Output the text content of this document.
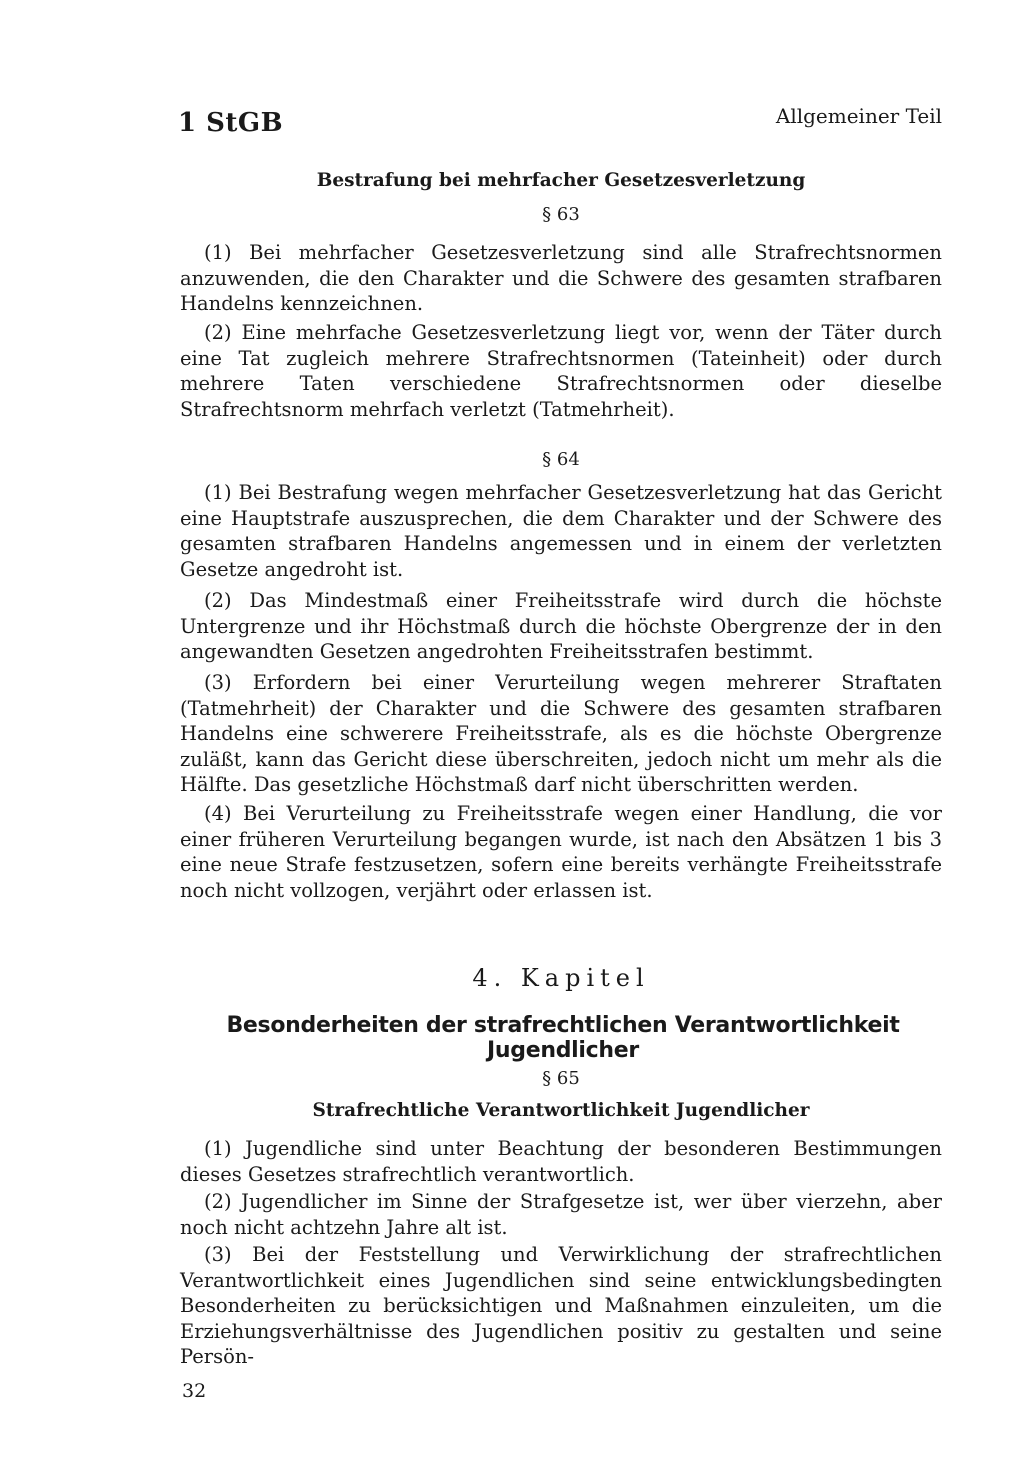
1 StGB	Allgemeiner Teil
Bestrafung bei mehrfacher Gesetzesverletzung
§ 63

(1) Bei mehrfacher Gesetzesverletzung sind alle Strafrechtsnormen anzuwenden, die den Charakter und die Schwere des gesamten strafbaren Handelns kennzeichnen.

(2) Eine mehrfache Gesetzesverletzung liegt vor, wenn der Täter durch eine Tat zugleich mehrere Strafrechtsnormen (Tateinheit) oder durch mehrere Taten verschiedene Strafrechtsnormen oder dieselbe Strafrechtsnorm mehrfach verletzt (Tatmehrheit).

§ 64

(1) Bei Bestrafung wegen mehrfacher Gesetzesverletzung hat das Gericht eine Hauptstrafe auszusprechen, die dem Charakter und der Schwere des gesamten strafbaren Handelns angemessen und in einem der verletzten Gesetze angedroht ist.

(2) Das Mindestmaß einer Freiheitsstrafe wird durch die höchste Untergrenze und ihr Höchstmaß durch die höchste Obergrenze der in den angewandten Gesetzen angedrohten Freiheitsstrafen bestimmt.

(3) Erfordern bei einer Verurteilung wegen mehrerer Straftaten (Tatmehrheit) der Charakter und die Schwere des gesamten strafbaren Handelns eine schwerere Freiheitsstrafe, als es die höchste Obergrenze zuläßt, kann das Gericht diese überschreiten, jedoch nicht um mehr als die Hälfte. Das gesetzliche Höchstmaß darf nicht überschritten werden.

(4) Bei Verurteilung zu Freiheitsstrafe wegen einer Handlung, die vor einer früheren Verurteilung begangen wurde, ist nach den Absätzen 1 bis 3 eine neue Strafe festzusetzen, sofern eine bereits verhängte Freiheitsstrafe noch nicht vollzogen, verjährt oder erlassen ist.

4. Kapitel
Besonderheiten der strafrechtlichen Verantwortlichkeit Jugendlicher
§ 65
Strafrechtliche Verantwortlichkeit Jugendlicher

(1) Jugendliche sind unter Beachtung der besonderen Bestimmungen dieses Gesetzes strafrechtlich verantwortlich.

(2) Jugendlicher im Sinne der Strafgesetze ist, wer über vierzehn, aber noch nicht achtzehn Jahre alt ist.

(3) Bei der Feststellung und Verwirklichung der strafrechtlichen Verantwortlichkeit eines Jugendlichen sind seine entwicklungsbedingten Besonderheiten zu berücksichtigen und Maßnahmen einzuleiten, um die Erziehungsverhältnisse des Jugendlichen positiv zu gestalten und seine Persön-

32
